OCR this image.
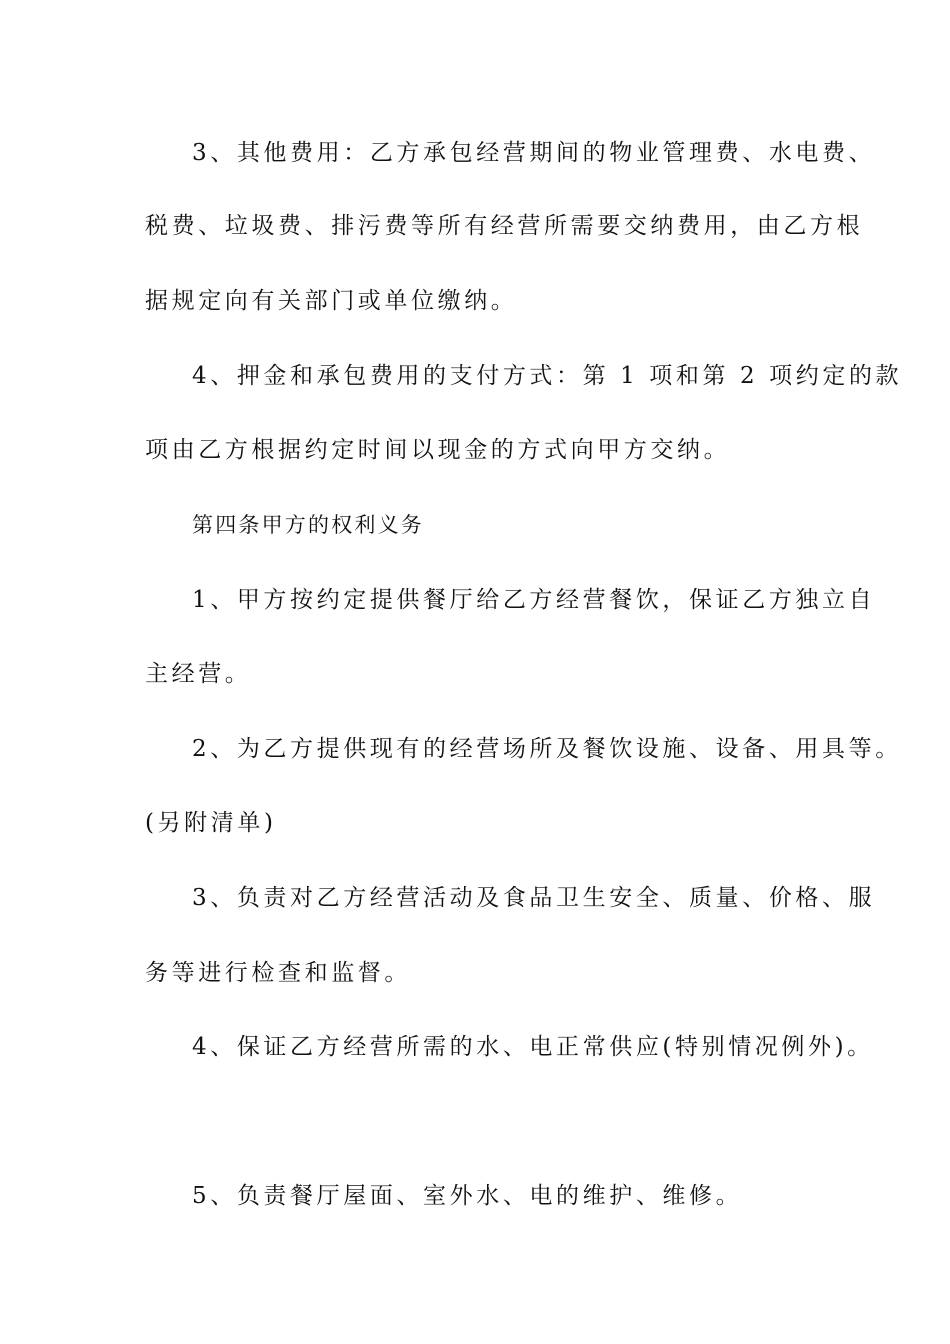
3、其他费用：乙方承包经营期间的物业管理费、水电费、
税费、垃圾费、排污费等所有经营所需要交纳费用，由乙方根
据规定向有关部门或单位缴纳。
4、押金和承包费用的支付方式：第 1 项和第 2 项约定的款
项由乙方根据约定时间以现金的方式向甲方交纳。
第四条甲方的权利义务
1、甲方按约定提供餐厅给乙方经营餐饮，保证乙方独立自
主经营。
2、为乙方提供现有的经营场所及餐饮设施、设备、用具等。
(另附清单)
3、负责对乙方经营活动及食品卫生安全、质量、价格、服
务等进行检查和监督。
4、保证乙方经营所需的水、电正常供应(特别情况例外)。
5、负责餐厅屋面、室外水、电的维护、维修。
